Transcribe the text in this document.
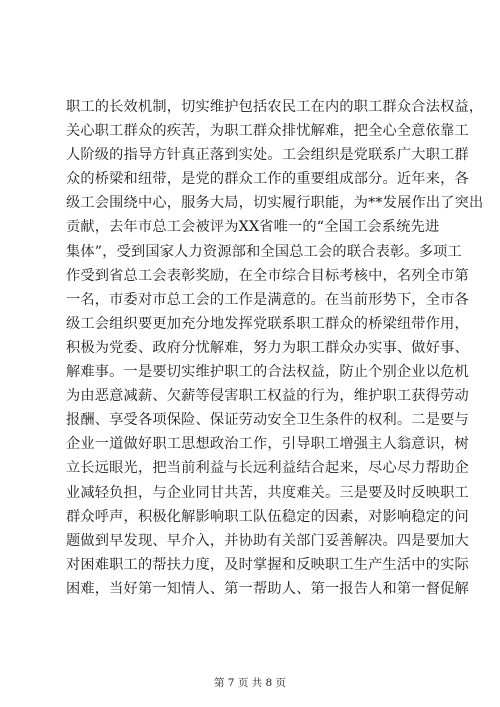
职工的长效机制，切实维护包括农民工在内的职工群众合法权益，
关心职工群众的疾苦，为职工群众排忧解难，把全心全意依靠工
人阶级的指导方针真正落到实处。工会组织是党联系广大职工群
众的桥梁和纽带，是党的群众工作的重要组成部分。近年来，各
级工会围绕中心，服务大局，切实履行职能，为**发展作出了突出
贡献，去年市总工会被评为XX省唯一的“全国工会系统先进
集体”，受到国家人力资源部和全国总工会的联合表彰。多项工
作受到省总工会表彰奖励，在全市综合目标考核中，名列全市第
一名，市委对市总工会的工作是满意的。在当前形势下，全市各
级工会组织要更加充分地发挥党联系职工群众的桥梁纽带作用，
积极为党委、政府分忧解难，努力为职工群众办实事、做好事、
解难事。一是要切实维护职工的合法权益，防止个别企业以危机
为由恶意减薪、欠薪等侵害职工权益的行为，维护职工获得劳动
报酬、享受各项保险、保证劳动安全卫生条件的权利。二是要与
企业一道做好职工思想政治工作，引导职工增强主人翁意识，树
立长远眼光，把当前利益与长远利益结合起来，尽心尽力帮助企
业减轻负担，与企业同甘共苦，共度难关。三是要及时反映职工
群众呼声，积极化解影响职工队伍稳定的因素，对影响稳定的问
题做到早发现、早介入，并协助有关部门妥善解决。四是要加大
对困难职工的帮扶力度，及时掌握和反映职工生产生活中的实际
困难，当好第一知情人、第一帮助人、第一报告人和第一督促解
第 7 页 共 8 页
